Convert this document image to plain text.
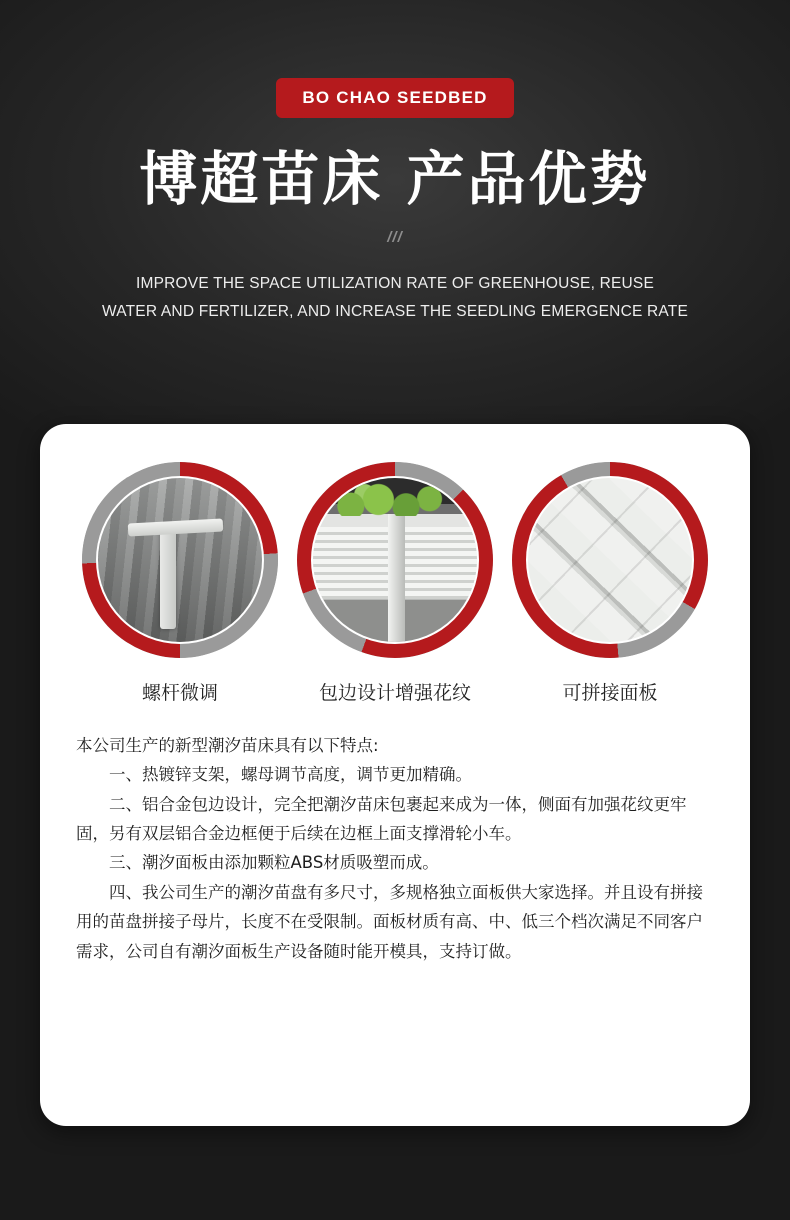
BO CHAO SEEDBED
博超苗床 产品优势
///
IMPROVE THE SPACE UTILIZATION RATE OF GREENHOUSE, REUSE
WATER AND FERTILIZER, AND INCREASE THE SEEDLING EMERGENCE RATE
螺杆微调	包边设计增强花纹	可拼接面板

本公司生产的新型潮汐苗床具有以下特点:

一、热镀锌支架，螺母调节高度，调节更加精确。

二、铝合金包边设计，完全把潮汐苗床包裹起来成为一体，侧面有加强花纹更牢固，另有双层铝合金边框便于后续在边框上面支撑滑轮小车。

三、潮汐面板由添加颗粒ABS材质吸塑而成。

四、我公司生产的潮汐苗盘有多尺寸，多规格独立面板供大家选择。并且设有拼接用的苗盘拼接子母片，长度不在受限制。面板材质有高、中、低三个档次满足不同客户需求，公司自有潮汐面板生产设备随时能开模具，支持订做。
